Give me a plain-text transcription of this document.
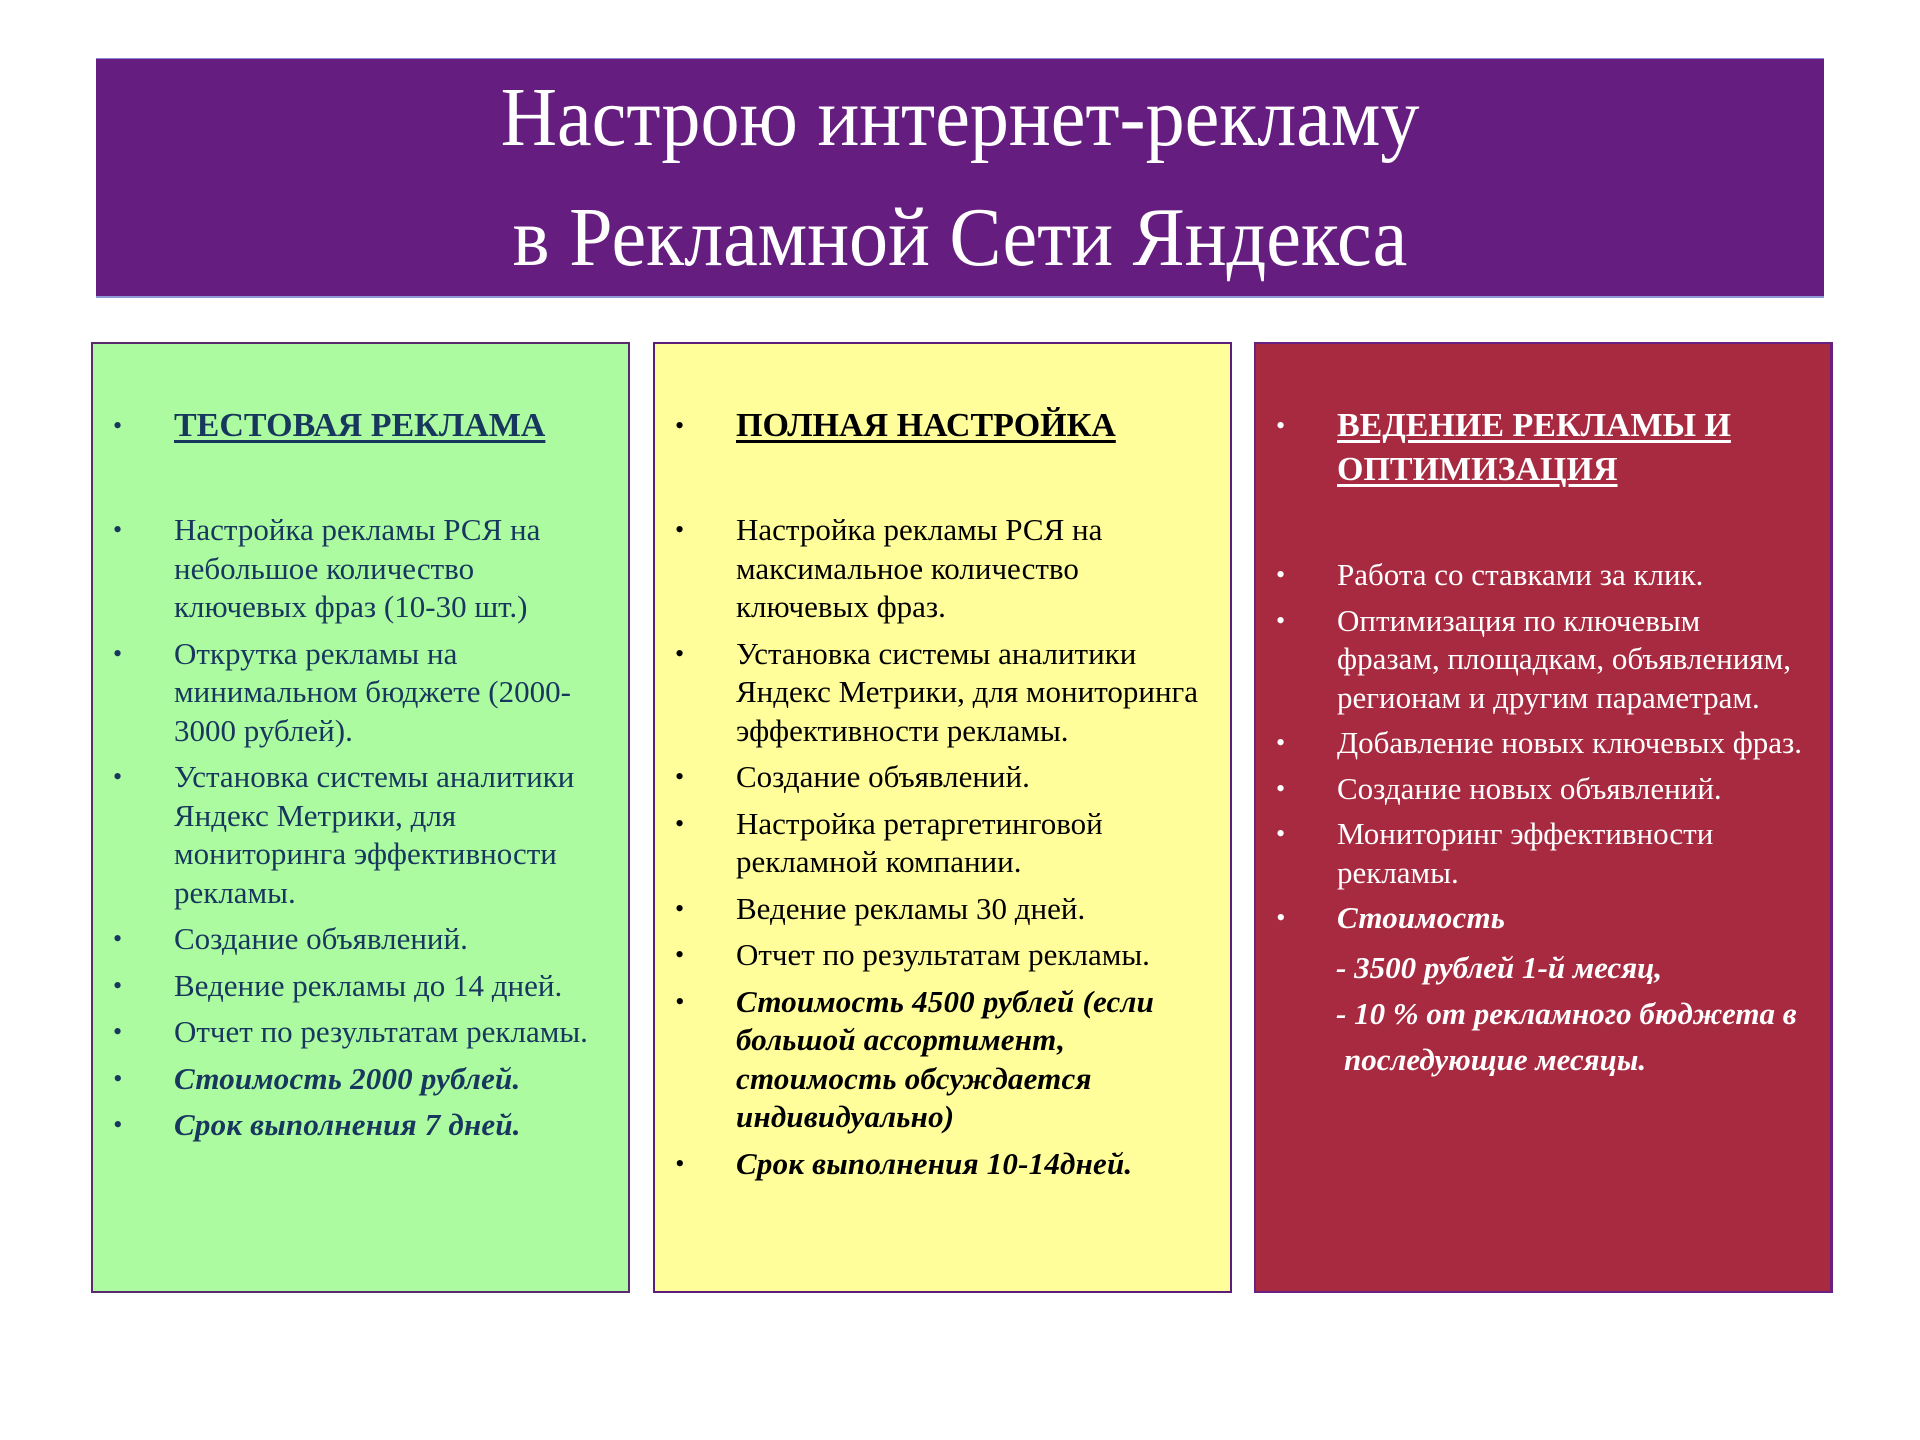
Настрою интернет-рекламу
в Рекламной Сети Яндекса
• ТЕСТОВАЯ РЕКЛАМА
• Настройка рекламы РСЯ на небольшое количество ключевых фраз (10-30 шт.)
• Открутка рекламы на минимальном бюджете (2000-3000 рублей).
• Установка системы аналитики Яндекс Метрики, для мониторинга эффективности рекламы.
• Создание объявлений.
• Ведение рекламы до 14 дней.
• Отчет по результатам рекламы.
• Стоимость 2000 рублей.
• Срок выполнения 7 дней.
• ПОЛНАЯ НАСТРОЙКА
• Настройка рекламы РСЯ на максимальное количество ключевых фраз.
• Установка системы аналитики Яндекс Метрики, для мониторинга эффективности рекламы.
• Создание объявлений.
• Настройка ретаргетинговой рекламной компании.
• Ведение рекламы 30 дней.
• Отчет по результатам рекламы.
• Стоимость 4500 рублей (если большой ассортимент, стоимость обсуждается индивидуально)
• Срок выполнения 10-14дней.
• ВЕДЕНИЕ РЕКЛАМЫ И ОПТИМИЗАЦИЯ
• Работа со ставками за клик.
• Оптимизация по ключевым фразам, площадкам, объявлениям, регионам и другим параметрам.
• Добавление новых ключевых фраз.
• Создание новых объявлений.
• Мониторинг эффективности рекламы.
• Стоимость
- 3500 рублей 1-й месяц,
- 10 % от рекламного бюджета в
последующие месяцы.
